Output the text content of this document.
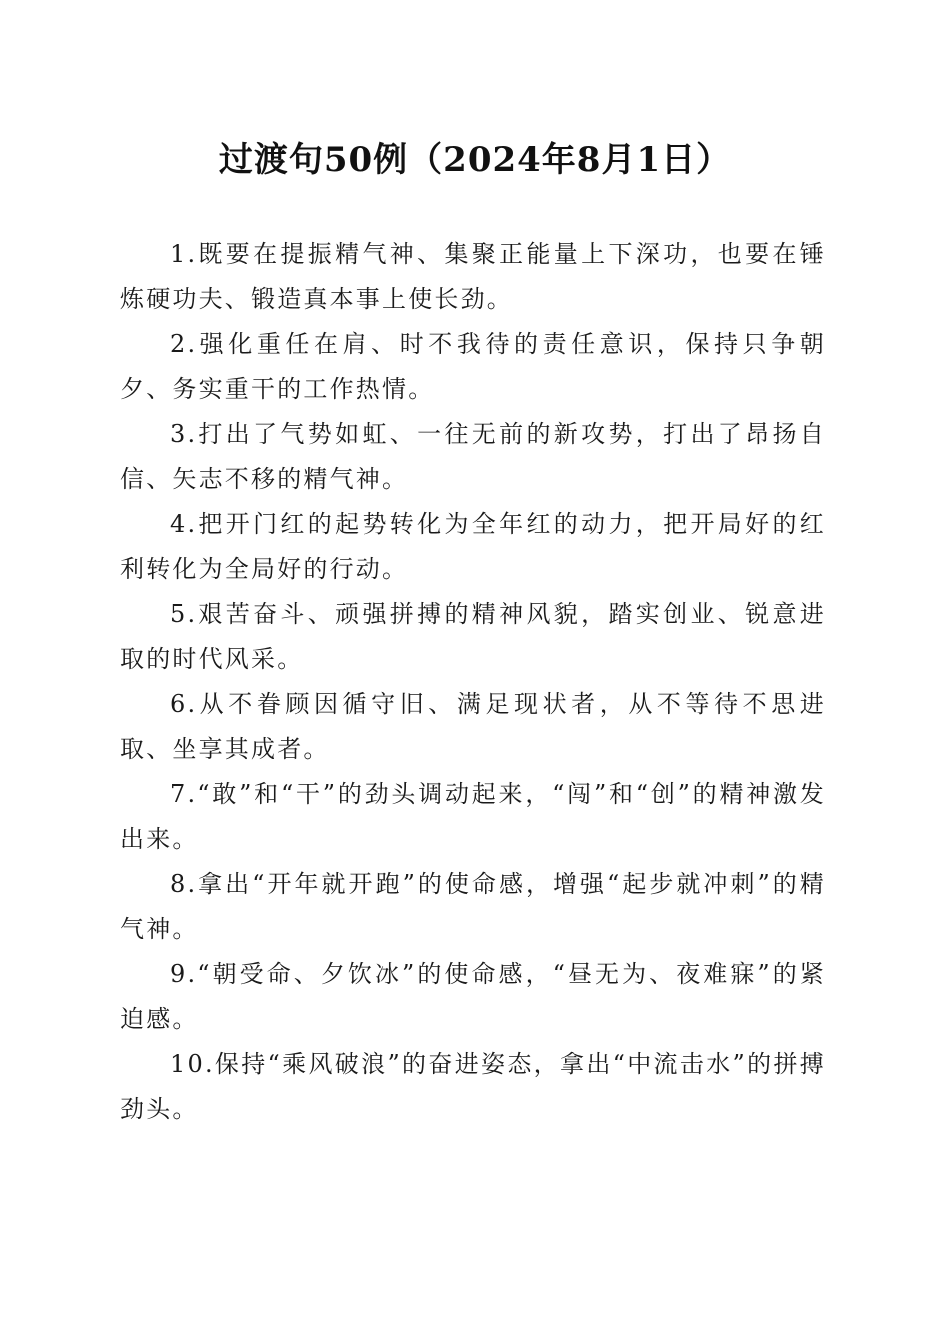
过渡句50例（2024年8月1日）
1.既要在提振精气神、集聚正能量上下深功，也要在锤炼硬功夫、锻造真本事上使长劲。
2.强化重任在肩、时不我待的责任意识，保持只争朝夕、务实重干的工作热情。
3.打出了气势如虹、一往无前的新攻势，打出了昂扬自信、矢志不移的精气神。
4.把开门红的起势转化为全年红的动力，把开局好的红利转化为全局好的行动。
5.艰苦奋斗、顽强拼搏的精神风貌，踏实创业、锐意进取的时代风采。
6.从不眷顾因循守旧、满足现状者，从不等待不思进取、坐享其成者。
7.“敢”和“干”的劲头调动起来，“闯”和“创”的精神激发出来。
8.拿出“开年就开跑”的使命感，增强“起步就冲刺”的精气神。
9.“朝受命、夕饮冰”的使命感，“昼无为、夜难寐”的紧迫感。
10.保持“乘风破浪”的奋进姿态，拿出“中流击水”的拼搏劲头。
